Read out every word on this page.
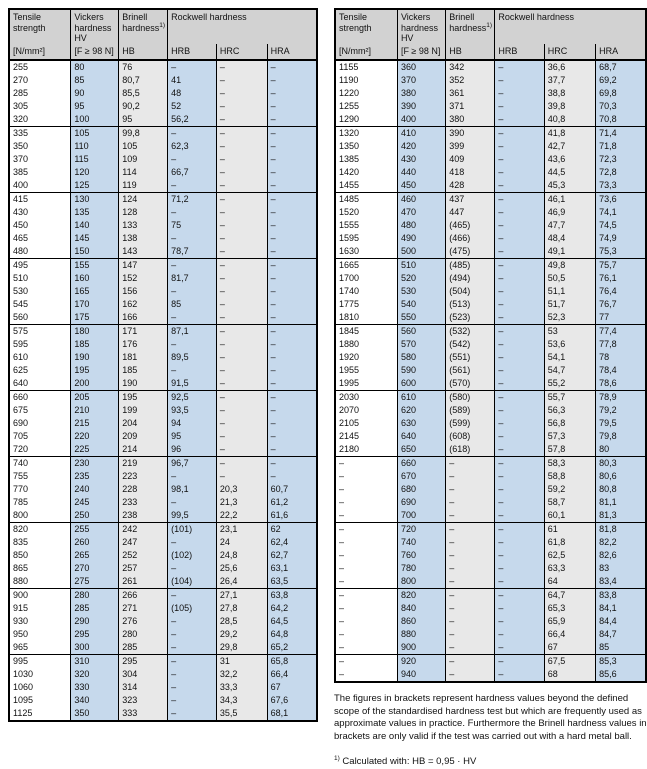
Tensile strength	Vickers hardness HV	Brinell hardness$^{1)}$	Rockwell hardness		
[N/mm²]	[F ≥ 98 N]	HB	HRB	HRC	HRA
255	80	76	–	–	–
270	85	80,7	41	–	–
285	90	85,5	48	–	–
305	95	90,2	52	–	–
320	100	95	56,2	–	–
335	105	99,8	–	–	–
350	110	105	62,3	–	–
370	115	109	–	–	–
385	120	114	66,7	–	–
400	125	119	–	–	–
415	130	124	71,2	–	–
430	135	128	–	–	–
450	140	133	75	–	–
465	145	138	–	–	–
480	150	143	78,7	–	–
495	155	147	–	–	–
510	160	152	81,7	–	–
530	165	156	–	–	–
545	170	162	85	–	–
560	175	166	–	–	–
575	180	171	87,1	–	–
595	185	176	–	–	–
610	190	181	89,5	–	–
625	195	185	–	–	–
640	200	190	91,5	–	–
660	205	195	92,5	–	–
675	210	199	93,5	–	–
690	215	204	94	–	–
705	220	209	95	–	–
720	225	214	96	–	–
740	230	219	96,7	–	–
755	235	223	–	–	–
770	240	228	98,1	20,3	60,7
785	245	233	–	21,3	61,2
800	250	238	99,5	22,2	61,6
820	255	242	(101)	23,1	62
835	260	247	–	24	62,4
850	265	252	(102)	24,8	62,7
865	270	257	–	25,6	63,1
880	275	261	(104)	26,4	63,5
900	280	266	–	27,1	63,8
915	285	271	(105)	27,8	64,2
930	290	276	–	28,5	64,5
950	295	280	–	29,2	64,8
965	300	285	–	29,8	65,2
995	310	295	–	31	65,8
1030	320	304	–	32,2	66,4
1060	330	314	–	33,3	67
1095	340	323	–	34,3	67,6
1125	350	333	–	35,5	68,1
Tensile strength	Vickers hardness HV	Brinell hardness$^{1)}$	Rockwell hardness		
[N/mm²]	[F ≥ 98 N]	HB	HRB	HRC	HRA
1155	360	342	–	36,6	68,7
1190	370	352	–	37,7	69,2
1220	380	361	–	38,8	69,8
1255	390	371	–	39,8	70,3
1290	400	380	–	40,8	70,8
1320	410	390	–	41,8	71,4
1350	420	399	–	42,7	71,8
1385	430	409	–	43,6	72,3
1420	440	418	–	44,5	72,8
1455	450	428	–	45,3	73,3
1485	460	437	–	46,1	73,6
1520	470	447	–	46,9	74,1
1555	480	(465)	–	47,7	74,5
1595	490	(466)	–	48,4	74,9
1630	500	(475)	–	49,1	75,3
1665	510	(485)	–	49,8	75,7
1700	520	(494)	–	50,5	76,1
1740	530	(504)	–	51,1	76,4
1775	540	(513)	–	51,7	76,7
1810	550	(523)	–	52,3	77
1845	560	(532)	–	53	77,4
1880	570	(542)	–	53,6	77,8
1920	580	(551)	–	54,1	78
1955	590	(561)	–	54,7	78,4
1995	600	(570)	–	55,2	78,6
2030	610	(580)	–	55,7	78,9
2070	620	(589)	–	56,3	79,2
2105	630	(599)	–	56,8	79,5
2145	640	(608)	–	57,3	79,8
2180	650	(618)	–	57,8	80
–	660	–	–	58,3	80,3
–	670	–	–	58,8	80,6
–	680	–	–	59,2	80,8
–	690	–	–	58,7	81,1
–	700	–	–	60,1	81,3
–	720	–	–	61	81,8
–	740	–	–	61,8	82,2
–	760	–	–	62,5	82,6
–	780	–	–	63,3	83
–	800	–	–	64	83,4
–	820	–	–	64,7	83,8
–	840	–	–	65,3	84,1
–	860	–	–	65,9	84,4
–	880	–	–	66,4	84,7
–	900	–	–	67	85
–	920	–	–	67,5	85,3
–	940	–	–	68	85,6

The figures in brackets represent hardness values beyond the defined scope of the standardised hardness test but which are frequently used as approximate values in practice. Furthermore the Brinell hardness values in brackets are only valid if the test was carried out with a hard metal ball.

$^{1)}$ Calculated with: HB = 0,95 · HV
